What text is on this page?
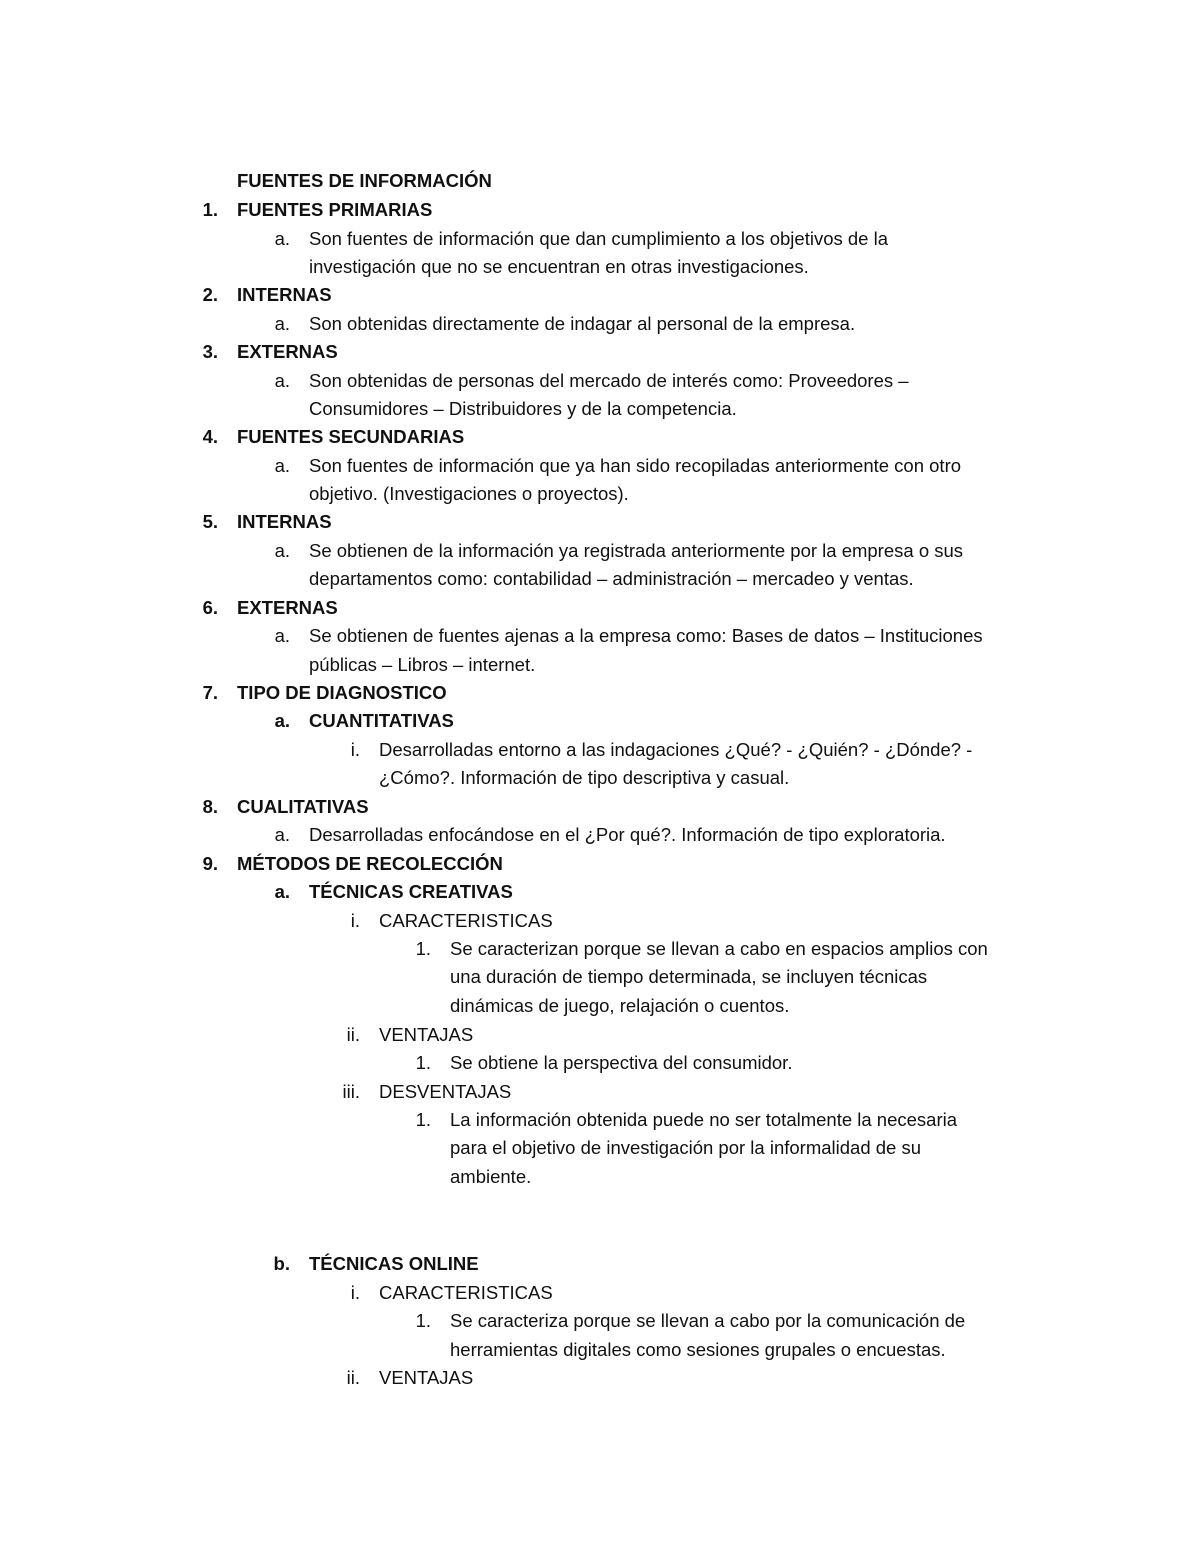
FUENTES DE INFORMACIÓN
1. FUENTES PRIMARIAS
a. Son fuentes de información que dan cumplimiento a los objetivos de la
investigación que no se encuentran en otras investigaciones.
2. INTERNAS
a. Son obtenidas directamente de indagar al personal de la empresa.
3. EXTERNAS
a. Son obtenidas de personas del mercado de interés como: Proveedores –
Consumidores – Distribuidores y de la competencia.
4. FUENTES SECUNDARIAS
a. Son fuentes de información que ya han sido recopiladas anteriormente con otro
objetivo. (Investigaciones o proyectos).
5. INTERNAS
a. Se obtienen de la información ya registrada anteriormente por la empresa o sus
departamentos como: contabilidad – administración – mercadeo y ventas.
6. EXTERNAS
a. Se obtienen de fuentes ajenas a la empresa como: Bases de datos – Instituciones
públicas – Libros – internet.
7. TIPO DE DIAGNOSTICO
a. CUANTITATIVAS
i. Desarrolladas entorno a las indagaciones ¿Qué? - ¿Quién? - ¿Dónde? -
¿Cómo?. Información de tipo descriptiva y casual.
8. CUALITATIVAS
a. Desarrolladas enfocándose en el ¿Por qué?. Información de tipo exploratoria.
9. MÉTODOS DE RECOLECCIÓN
a. TÉCNICAS CREATIVAS
i. CARACTERISTICAS
1. Se caracterizan porque se llevan a cabo en espacios amplios con
una duración de tiempo determinada, se incluyen técnicas
dinámicas de juego, relajación o cuentos.
ii. VENTAJAS
1. Se obtiene la perspectiva del consumidor.
iii. DESVENTAJAS
1. La información obtenida puede no ser totalmente la necesaria
para el objetivo de investigación por la informalidad de su
ambiente.
b. TÉCNICAS ONLINE
i. CARACTERISTICAS
1. Se caracteriza porque se llevan a cabo por la comunicación de
herramientas digitales como sesiones grupales o encuestas.
ii. VENTAJAS
